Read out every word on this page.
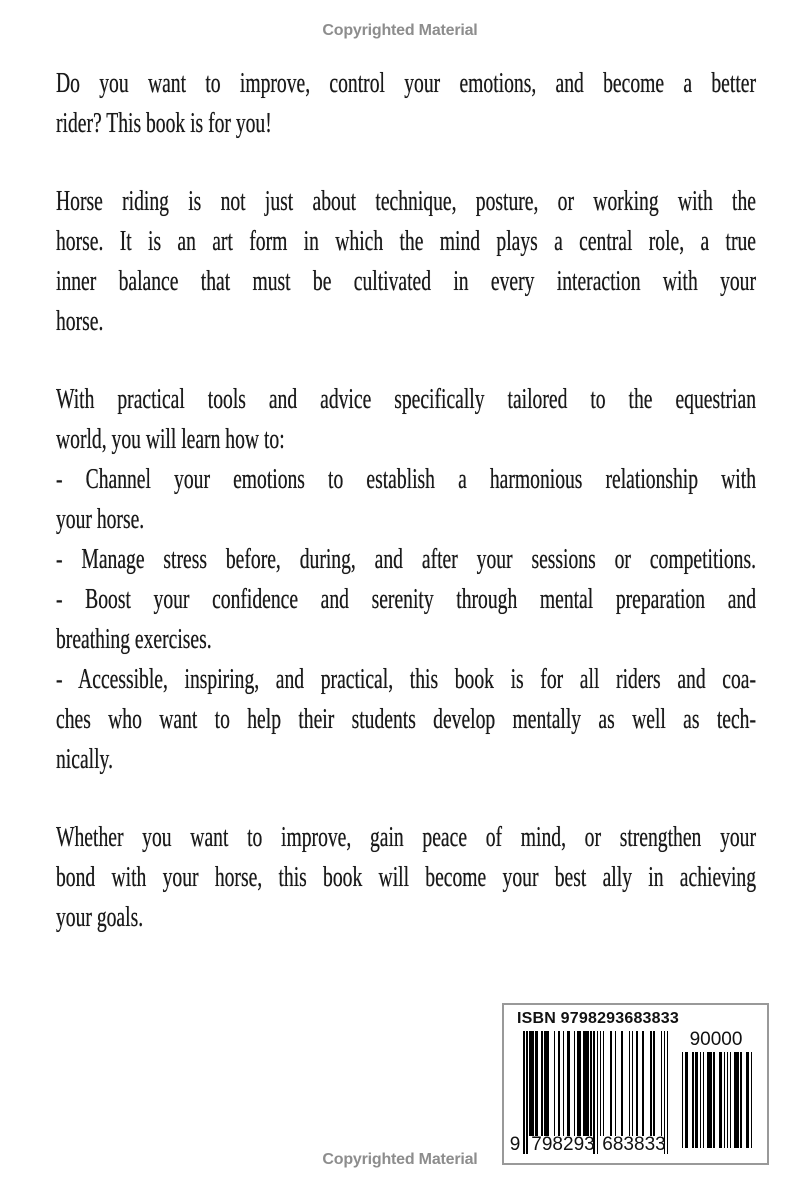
Copyrighted Material
Do you want to improve, control your emotions, and become a better
rider? This book is for you!
Horse riding is not just about technique, posture, or working with the
horse. It is an art form in which the mind plays a central role, a true
inner balance that must be cultivated in every interaction with your
horse.
With practical tools and advice specifically tailored to the equestrian
world, you will learn how to:
- Channel your emotions to establish a harmonious relationship with
your horse.
- Manage stress before, during, and after your sessions or competitions.
- Boost your confidence and serenity through mental preparation and
breathing exercises.
- Accessible, inspiring, and practical, this book is for all riders and coa-
ches who want to help their students develop mentally as well as tech-
nically.
Whether you want to improve, gain peace of mind, or strengthen your
bond with your horse, this book will become your best ally in achieving
your goals.
ISBN 9798293683833
9 798293 683833
90000
Copyrighted Material
